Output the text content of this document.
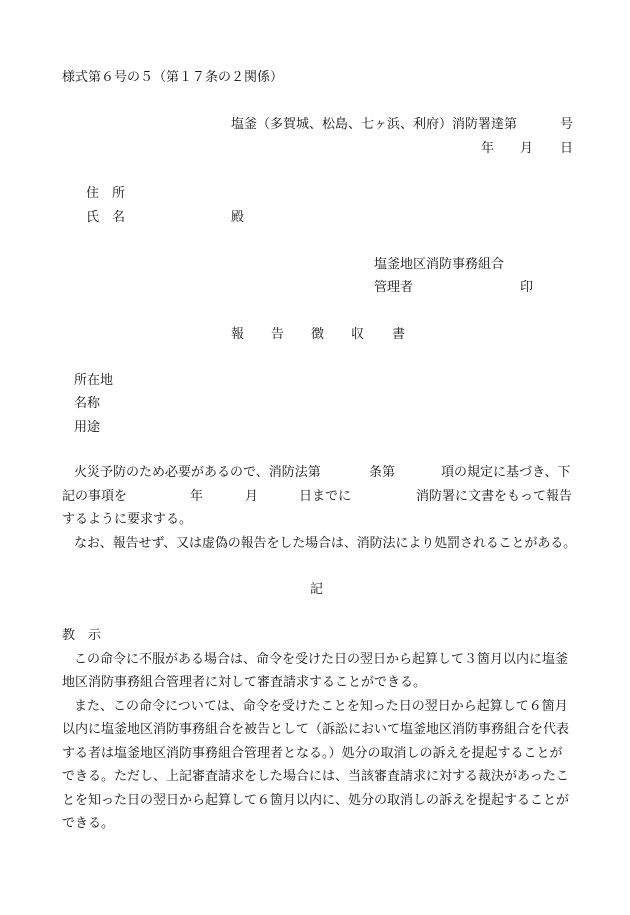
様式第６号の５（第１７条の２関係）
塩釜（多賀城、松島、七ヶ浜、利府）消防署達第	号
年 月 日
住　所
氏　名	殿
塩釜地区消防事務組合
管理者	印
報 告 徴 収 書
所在地
名称
用途
火災予防のため必要があるので、消防法第	条第	項の規定に基づき、下
記の事項を	年	月	日までに	消防署に文書をもって報告
するように要求する。
なお、報告せず、又は虚偽の報告をした場合は、消防法により処罰されることがある。
記
教　示
この命令に不服がある場合は、命令を受けた日の翌日から起算して３箇月以内に塩釜
地区消防事務組合管理者に対して審査請求することができる。
また、この命令については、命令を受けたことを知った日の翌日から起算して６箇月
以内に塩釜地区消防事務組合を被告として（訴訟において塩釜地区消防事務組合を代表
する者は塩釜地区消防事務組合管理者となる。）処分の取消しの訴えを提起することが
できる。ただし、上記審査請求をした場合には、当該審査請求に対する裁決があったこ
とを知った日の翌日から起算して６箇月以内に、処分の取消しの訴えを提起することが
できる。
